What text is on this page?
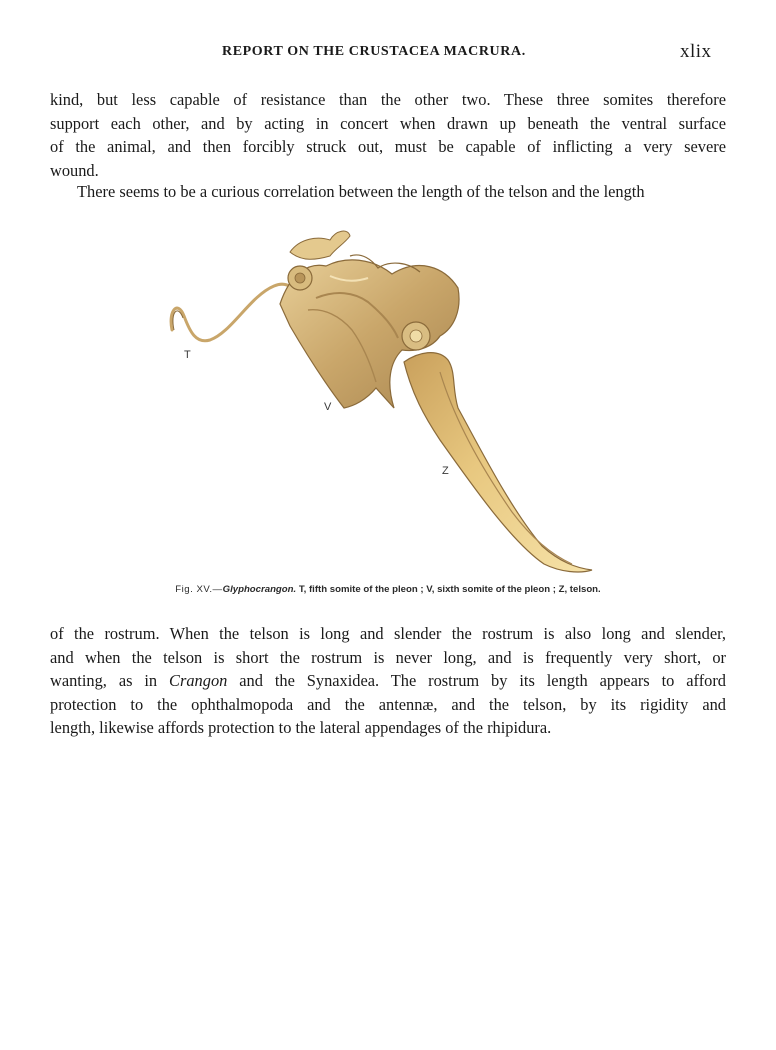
REPORT ON THE CRUSTACEA MACRURA.	xlix
kind, but less capable of resistance than the other two. These three somites therefore
support each other, and by acting in concert when drawn up beneath the ventral surface
of the animal, and then forcibly struck out, must be capable of inflicting a very severe
wound.
There seems to be a curious correlation between the length of the telson and the length
T
V
Z
Fig. XV.—Glyphocrangon. T, fifth somite of the pleon ; V, sixth somite of the pleon ; Z, telson.
of the rostrum. When the telson is long and slender the rostrum is also long and slender,
and when the telson is short the rostrum is never long, and is frequently very short, or
wanting, as in Crangon and the Synaxidea. The rostrum by its length appears to afford
protection to the ophthalmopoda and the antennæ, and the telson, by its rigidity and
length, likewise affords protection to the lateral appendages of the rhipidura.
